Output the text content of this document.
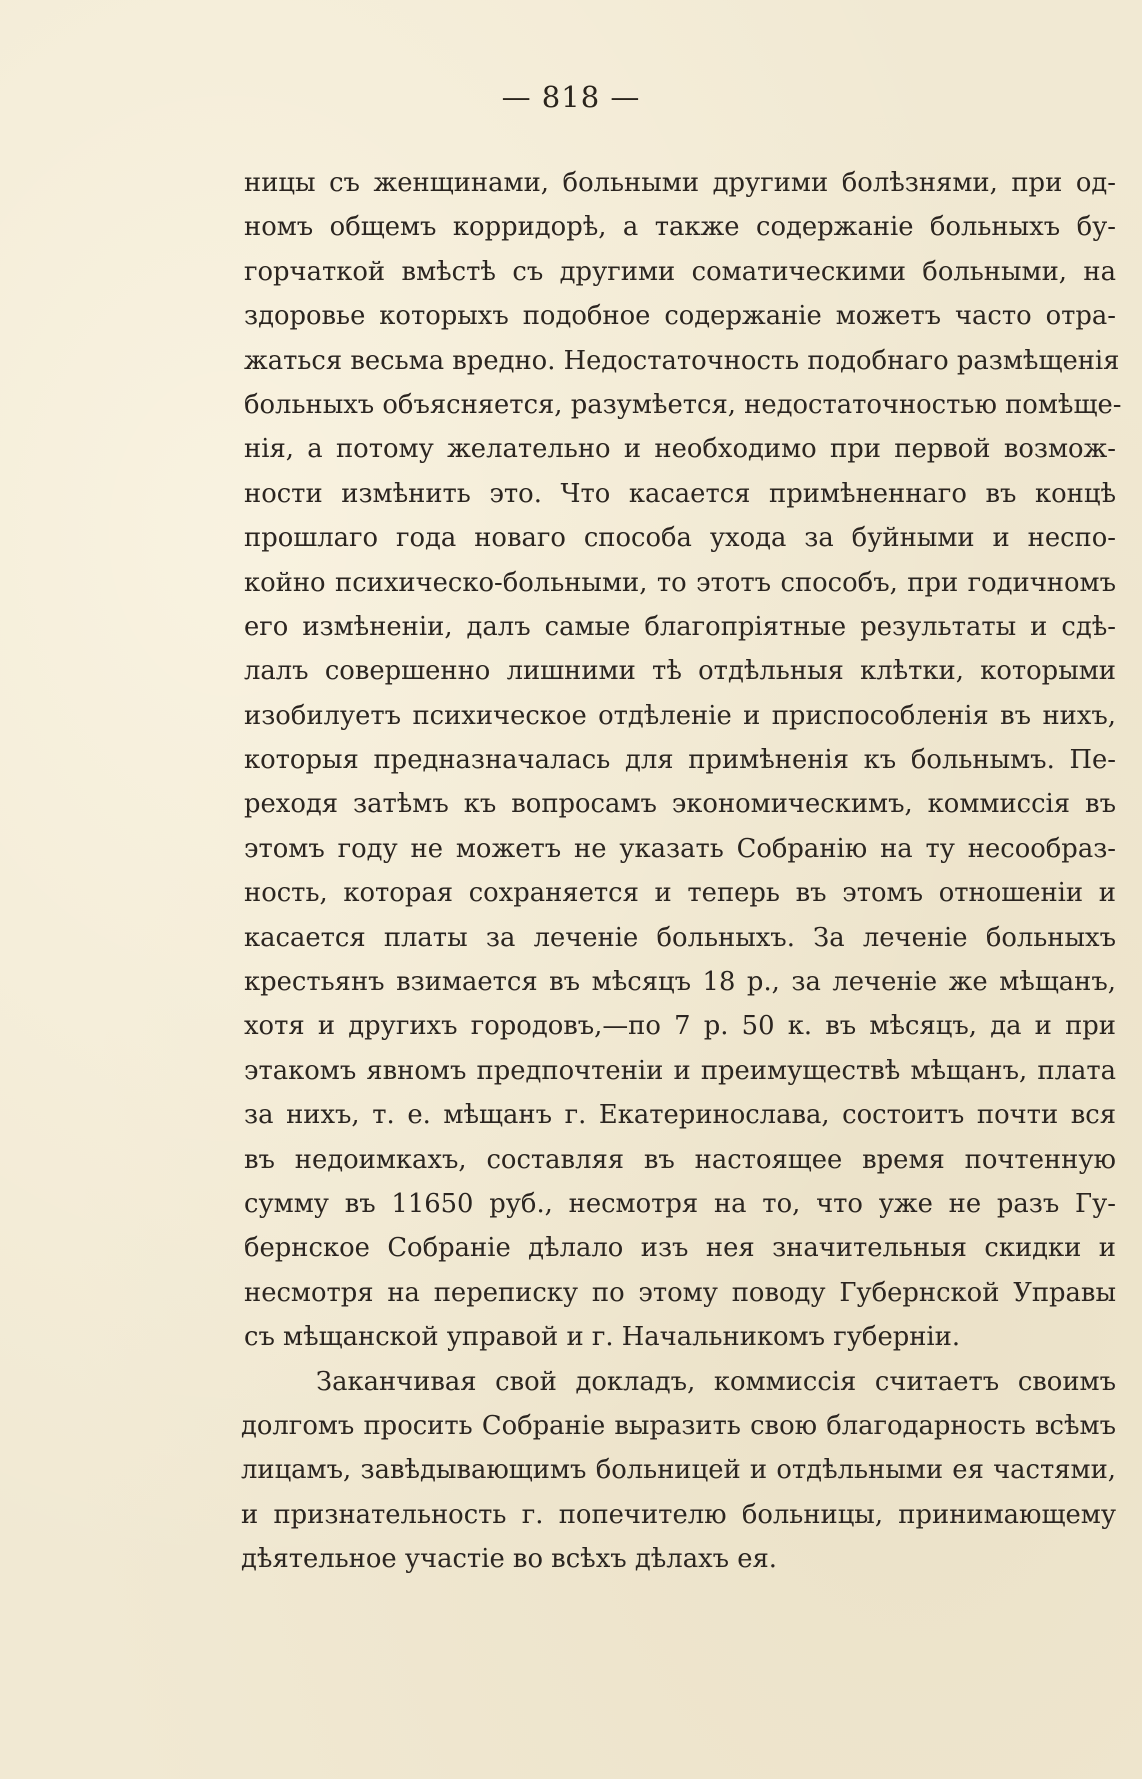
— 818 —
ницы съ женщинами, больными другими болѣзнями, при од-
номъ общемъ корридорѣ, а также содержаніе больныхъ бу-
горчаткой вмѣстѣ съ другими соматическими больными, на
здоровье которыхъ подобное содержаніе можетъ часто отра-
жаться весьма вредно. Недостаточность подобнаго размѣщенія
больныхъ объясняется, разумѣется, недостаточностью помѣще-
нія, а потому желательно и необходимо при первой возмож-
ности измѣнить это. Что касается примѣненнаго въ концѣ
прошлаго года новаго способа ухода за буйными и неспо-
койно психическо-больными, то этотъ способъ, при годичномъ
его измѣненіи, далъ самые благопріятные результаты и сдѣ-
лалъ совершенно лишними тѣ отдѣльныя клѣтки, которыми
изобилуетъ психическое отдѣленіе и приспособленія въ нихъ,
которыя предназначалась для примѣненія къ больнымъ. Пе-
реходя затѣмъ къ вопросамъ экономическимъ, коммиссія въ
этомъ году не можетъ не указать Собранію на ту несообраз-
ность, которая сохраняется и теперь въ этомъ отношеніи и
касается платы за леченіе больныхъ. За леченіе больныхъ
крестьянъ взимается въ мѣсяцъ 18 р., за леченіе же мѣщанъ,
хотя и другихъ городовъ,—по 7 р. 50 к. въ мѣсяцъ, да и при
этакомъ явномъ предпочтеніи и преимуществѣ мѣщанъ, плата
за нихъ, т. е. мѣщанъ г. Екатеринослава, состоитъ почти вся
въ недоимкахъ, составляя въ настоящее время почтенную
сумму въ 11650 руб., несмотря на то, что уже не разъ Гу-
бернское Собраніе дѣлало изъ нея значительныя скидки и
несмотря на переписку по этому поводу Губернской Управы
съ мѣщанской управой и г. Начальникомъ губерніи.
Заканчивая свой докладъ, коммиссія считаетъ своимъ
долгомъ просить Собраніе выразить свою благодарность всѣмъ
лицамъ, завѣдывающимъ больницей и отдѣльными ея частями,
и признательность г. попечителю больницы, принимающему
дѣятельное участіе во всѣхъ дѣлахъ ея.
